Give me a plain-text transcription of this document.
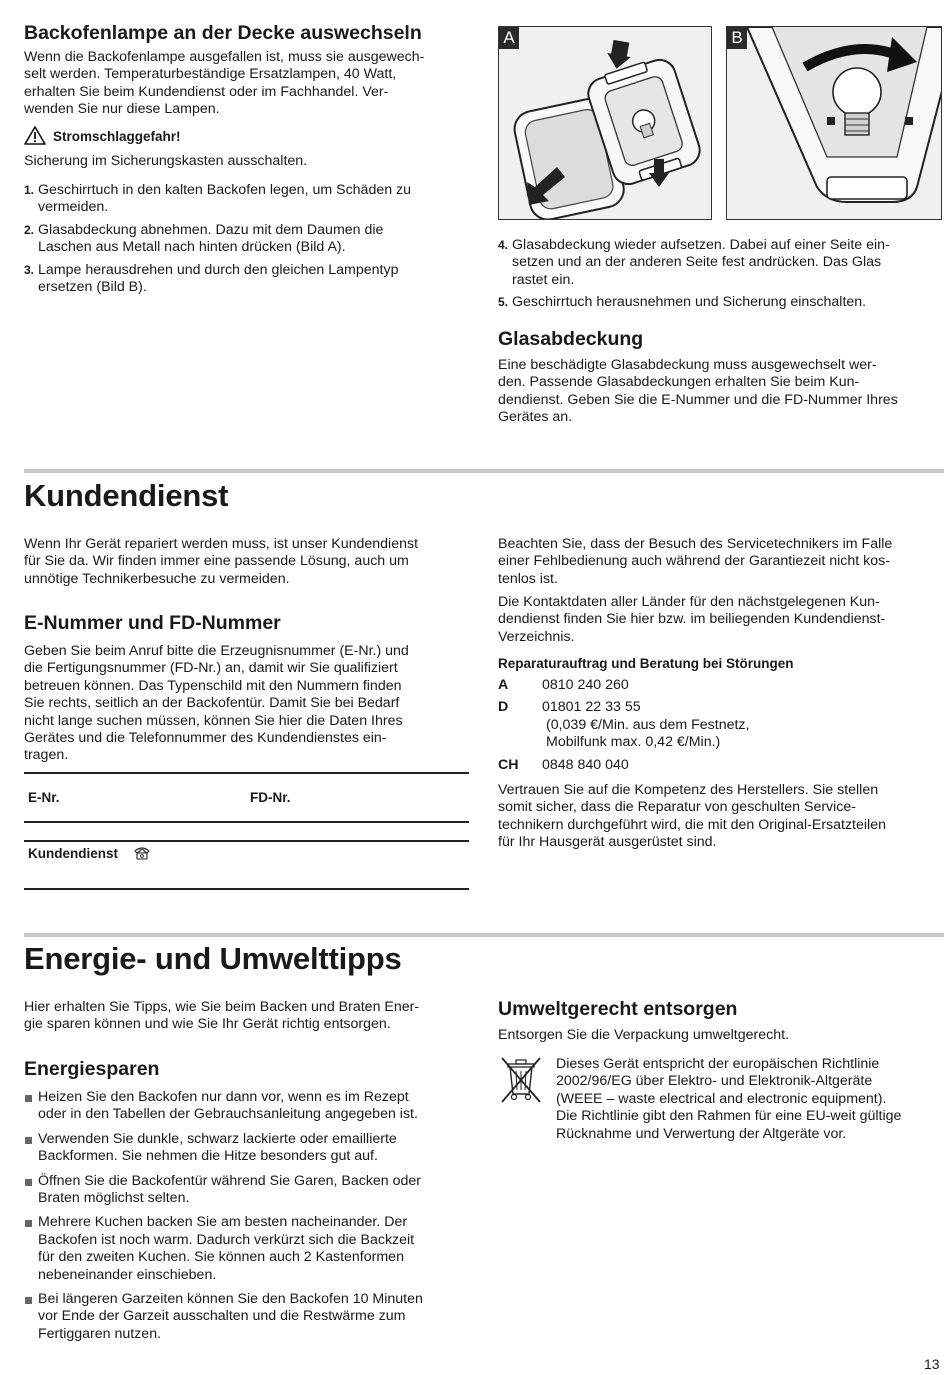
Backofenlampe an der Decke auswechseln

Wenn die Backofenlampe ausgefallen ist, muss sie ausgewech-

selt werden. Temperaturbeständige Ersatzlampen, 40 Watt,

erhalten Sie beim Kundendienst oder im Fachhandel. Ver-

wenden Sie nur diese Lampen.

Stromschlaggefahr!
Sicherung im Sicherungskasten ausschalten.
1. Geschirrtuch in den kalten Backofen legen, um Schäden zu

vermeiden.

2. Glasabdeckung abnehmen. Dazu mit dem Daumen die

Laschen aus Metall nach hinten drücken (Bild A).

3. Lampe herausdrehen und durch den gleichen Lampentyp

ersetzen (Bild B).

A	B
4. Glasabdeckung wieder aufsetzen. Dabei auf einer Seite ein-

setzen und an der anderen Seite fest andrücken. Das Glas

rastet ein.

5. Geschirrtuch herausnehmen und Sicherung einschalten.

Glasabdeckung

Eine beschädigte Glasabdeckung muss ausgewechselt wer-

den. Passende Glasabdeckungen erhalten Sie beim Kun-

dendienst. Geben Sie die E-Nummer und die FD-Nummer Ihres

Gerätes an.

Kundendienst

Wenn Ihr Gerät repariert werden muss, ist unser Kundendienst

für Sie da. Wir finden immer eine passende Lösung, auch um

unnötige Technikerbesuche zu vermeiden.

E-Nummer und FD-Nummer

Geben Sie beim Anruf bitte die Erzeugnisnummer (E-Nr.) und

die Fertigungsnummer (FD-Nr.) an, damit wir Sie qualifiziert

betreuen können. Das Typenschild mit den Nummern finden

Sie rechts, seitlich an der Backofentür. Damit Sie bei Bedarf

nicht lange suchen müssen, können Sie hier die Daten Ihres

Gerätes und die Telefonnummer des Kundendienstes ein-

tragen.

E-Nr.	FD-Nr.
Kundendienst

Beachten Sie, dass der Besuch des Servicetechnikers im Falle

einer Fehlbedienung auch während der Garantiezeit nicht kos-

tenlos ist.

Die Kontaktdaten aller Länder für den nächstgelegenen Kun-

dendienst finden Sie hier bzw. im beiliegenden Kundendienst-

Verzeichnis.

Reparaturauftrag und Beratung bei Störungen
A 0810 240 260

D 01801 22 33 55

(0,039 €/Min. aus dem Festnetz,

Mobilfunk max. 0,42 €/Min.)

CH 0848 840 040

Vertrauen Sie auf die Kompetenz des Herstellers. Sie stellen

somit sicher, dass die Reparatur von geschulten Service-

technikern durchgeführt wird, die mit den Original-Ersatzteilen

für Ihr Hausgerät ausgerüstet sind.

Energie- und Umwelttipps

Hier erhalten Sie Tipps, wie Sie beim Backen und Braten Ener-

gie sparen können und wie Sie Ihr Gerät richtig entsorgen.

Energiesparen

Heizen Sie den Backofen nur dann vor, wenn es im Rezept

oder in den Tabellen der Gebrauchsanleitung angegeben ist.

Verwenden Sie dunkle, schwarz lackierte oder emaillierte

Backformen. Sie nehmen die Hitze besonders gut auf.

Öffnen Sie die Backofentür während Sie Garen, Backen oder

Braten möglichst selten.

Mehrere Kuchen backen Sie am besten nacheinander. Der

Backofen ist noch warm. Dadurch verkürzt sich die Backzeit

für den zweiten Kuchen. Sie können auch 2 Kastenformen

nebeneinander einschieben.

Bei längeren Garzeiten können Sie den Backofen 10 Minuten

vor Ende der Garzeit ausschalten und die Restwärme zum

Fertiggaren nutzen.

Umweltgerecht entsorgen
Entsorgen Sie die Verpackung umweltgerecht.

Dieses Gerät entspricht der europäischen Richtlinie

2002/96/EG über Elektro- und Elektronik-Altgeräte

(WEEE – waste electrical and electronic equipment).

Die Richtlinie gibt den Rahmen für eine EU-weit gültige

Rücknahme und Verwertung der Altgeräte vor.

13
